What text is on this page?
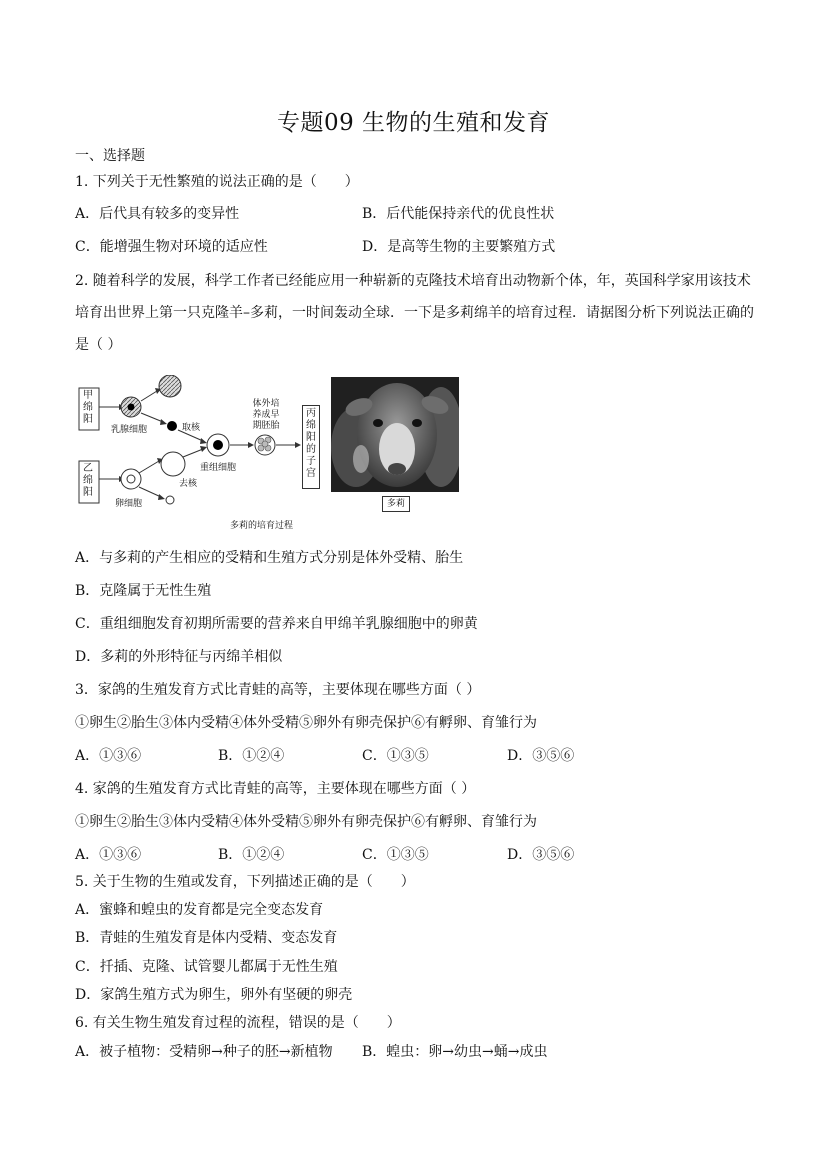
专题09 生物的生殖和发育
一、选择题
1. 下列关于无性繁殖的说法正确的是（　　）
A．后代具有较多的变异性	B．后代能保持亲代的优良性状
C．能增强生物对环境的适应性	D．是高等生物的主要繁殖方式
2. 随着科学的发展，科学工作者已经能应用一种崭新的克隆技术培育出动物新个体，年，英国科学家用该技术培育出世界上第一只克隆羊–多莉，一时间轰动全球．一下是多莉绵羊的培育过程．请据图分析下列说法正确的是（ ）
甲绵阳
乙绵阳
乳腺细胞
卵细胞
取核
去核
重组细胞
体外培养成早期胚胎
丙绵阳的子宫
多莉的培育过程
多莉
A．与多莉的产生相应的受精和生殖方式分别是体外受精、胎生
B．克隆属于无性生殖
C．重组细胞发育初期所需要的营养来自甲绵羊乳腺细胞中的卵黄
D．多莉的外形特征与丙绵羊相似
3．家鸽的生殖发育方式比青蛙的高等，主要体现在哪些方面（ ）
①卵生②胎生③体内受精④体外受精⑤卵外有卵壳保护⑥有孵卵、育雏行为
A．①③⑥	B．①②④	C．①③⑤	D．③⑤⑥
4. 家鸽的生殖发育方式比青蛙的高等，主要体现在哪些方面（ ）
①卵生②胎生③体内受精④体外受精⑤卵外有卵壳保护⑥有孵卵、育雏行为
A．①③⑥	B．①②④	C．①③⑤	D．③⑤⑥
5. 关于生物的生殖或发育，下列描述正确的是（　　）
A．蜜蜂和蝗虫的发育都是完全变态发育
B．青蛙的生殖发育是体内受精、变态发育
C．扦插、克隆、试管婴儿都属于无性生殖
D．家鸽生殖方式为卵生，卵外有坚硬的卵壳
6. 有关生物生殖发育过程的流程，错误的是（　　）
A．被子植物：受精卵→种子的胚→新植物 B．蝗虫：卵→幼虫→蛹→成虫
